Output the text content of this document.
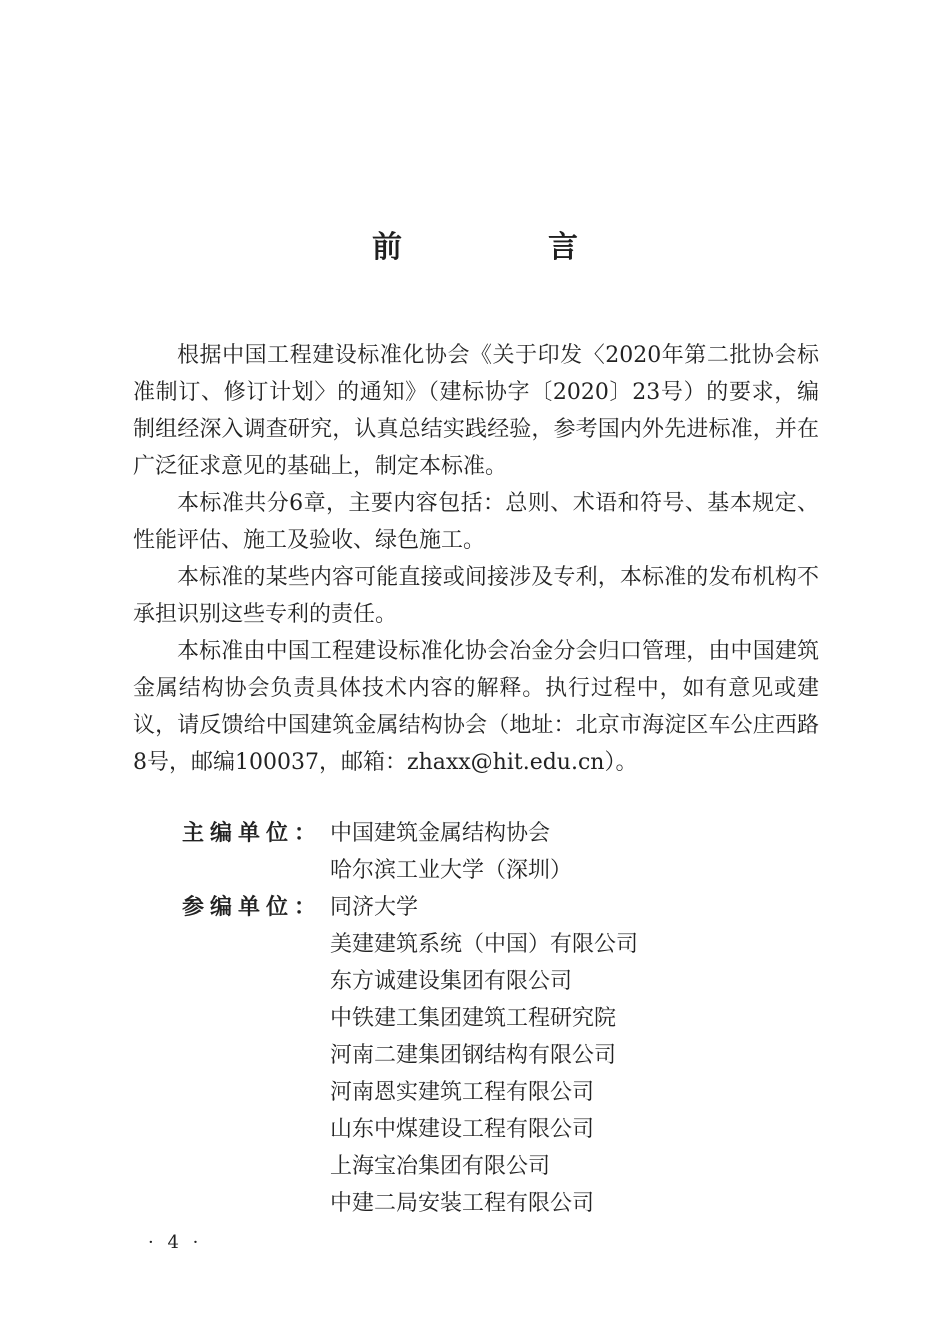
前　言

根据中国工程建设标准化协会《关于印发〈2020年第二批协会标准制订、修订计划〉的通知》（建标协字〔2020〕23号）的要求，编制组经深入调查研究，认真总结实践经验，参考国内外先进标准，并在广泛征求意见的基础上，制定本标准。

本标准共分6章，主要内容包括：总则、术语和符号、基本规定、性能评估、施工及验收、绿色施工。

本标准的某些内容可能直接或间接涉及专利，本标准的发布机构不承担识别这些专利的责任。

本标准由中国工程建设标准化协会冶金分会归口管理，由中国建筑金属结构协会负责具体技术内容的解释。执行过程中，如有意见或建议，请反馈给中国建筑金属结构协会（地址：北京市海淀区车公庄西路8号，邮编100037，邮箱：zhaxx@hit.edu.cn）。

主编单位： 中国建筑金属结构协会
哈尔滨工业大学（深圳）
参编单位： 同济大学
美建建筑系统（中国）有限公司
东方诚建设集团有限公司
中铁建工集团建筑工程研究院
河南二建集团钢结构有限公司
河南恩实建筑工程有限公司
山东中煤建设工程有限公司
上海宝冶集团有限公司
中建二局安装工程有限公司
· 4 ·
